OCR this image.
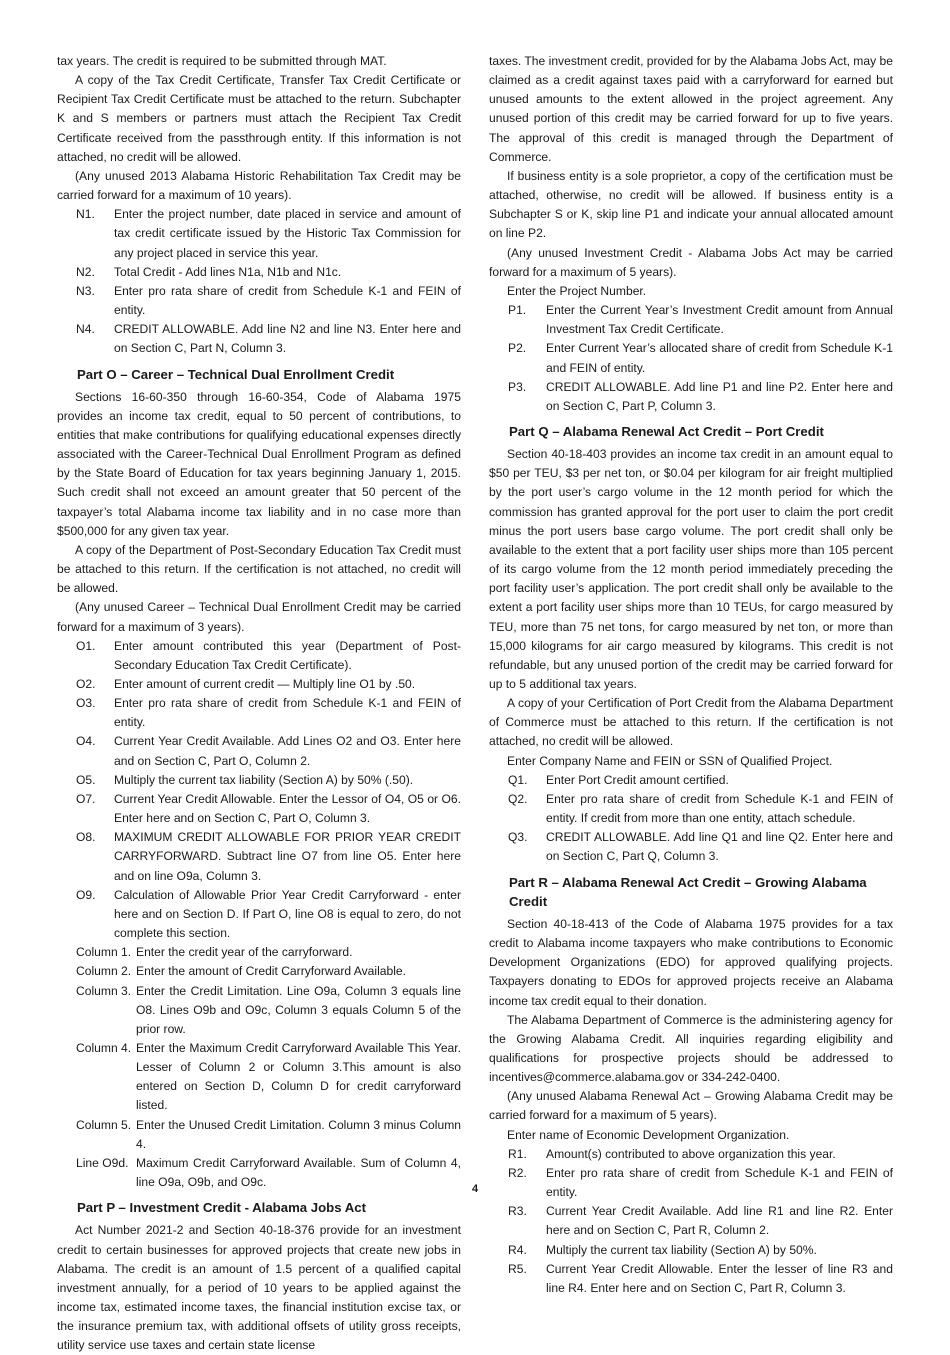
tax years. The credit is required to be submitted through MAT.

A copy of the Tax Credit Certificate, Transfer Tax Credit Certificate or Recipient Tax Credit Certificate must be attached to the return. Subchapter K and S members or partners must attach the Recipient Tax Credit Certificate received from the passthrough entity. If this information is not attached, no credit will be allowed.

(Any unused 2013 Alabama Historic Rehabilitation Tax Credit may be carried forward for a maximum of 10 years).

N1.	Enter the project number, date placed in service and amount of tax credit certificate issued by the Historic Tax Commission for any project placed in service this year.
N2.	Total Credit - Add lines N1a, N1b and N1c.
N3.	Enter pro rata share of credit from Schedule K-1 and FEIN of entity.
N4.	CREDIT ALLOWABLE. Add line N2 and line N3. Enter here and on Section C, Part N, Column 3.
Part O – Career – Technical Dual Enrollment Credit

Sections 16-60-350 through 16-60-354, Code of Alabama 1975 provides an income tax credit, equal to 50 percent of contributions, to entities that make contributions for qualifying educational expenses directly associated with the Career-Technical Dual Enrollment Program as defined by the State Board of Education for tax years beginning January 1, 2015. Such credit shall not exceed an amount greater that 50 percent of the taxpayer’s total Alabama income tax liability and in no case more than $500,000 for any given tax year.

A copy of the Department of Post-Secondary Education Tax Credit must be attached to this return. If the certification is not attached, no credit will be allowed.

(Any unused Career – Technical Dual Enrollment Credit may be carried forward for a maximum of 3 years).

O1.	Enter amount contributed this year (Department of Post-Secondary Education Tax Credit Certificate).
O2.	Enter amount of current credit — Multiply line O1 by .50.
O3.	Enter pro rata share of credit from Schedule K-1 and FEIN of entity.
O4.	Current Year Credit Available. Add Lines O2 and O3. Enter here and on Section C, Part O, Column 2.
O5.	Multiply the current tax liability (Section A) by 50% (.50).
O7.	Current Year Credit Allowable. Enter the Lessor of O4, O5 or O6. Enter here and on Section C, Part O, Column 3.
O8.	MAXIMUM CREDIT ALLOWABLE FOR PRIOR YEAR CREDIT CARRYFORWARD. Subtract line O7 from line O5. Enter here and on line O9a, Column 3.
O9.	Calculation of Allowable Prior Year Credit Carryforward - enter here and on Section D. If Part O, line O8 is equal to zero, do not complete this section.
Column 1. Enter the credit year of the carryforward.
Column 2. Enter the amount of Credit Carryforward Available.
Column 3. Enter the Credit Limitation. Line O9a, Column 3 equals line O8. Lines O9b and O9c, Column 3 equals Column 5 of the prior row.
Column 4. Enter the Maximum Credit Carryforward Available This Year. Lesser of Column 2 or Column 3.This amount is also entered on Section D, Column D for credit carryforward listed.
Column 5. Enter the Unused Credit Limitation. Column 3 minus Column 4.
Line O9d. Maximum Credit Carryforward Available. Sum of Column 4, line O9a, O9b, and O9c.
Part P – Investment Credit - Alabama Jobs Act

Act Number 2021-2 and Section 40-18-376 provide for an investment credit to certain businesses for approved projects that create new jobs in Alabama. The credit is an amount of 1.5 percent of a qualified capital investment annually, for a period of 10 years to be applied against the income tax, estimated income taxes, the financial institution excise tax, or the insurance premium tax, with additional offsets of utility gross receipts, utility service use taxes and certain state license

taxes. The investment credit, provided for by the Alabama Jobs Act, may be claimed as a credit against taxes paid with a carryforward for earned but unused amounts to the extent allowed in the project agreement. Any unused portion of this credit may be carried forward for up to five years. The approval of this credit is managed through the Department of Commerce.

If business entity is a sole proprietor, a copy of the certification must be attached, otherwise, no credit will be allowed. If business entity is a Subchapter S or K, skip line P1 and indicate your annual allocated amount on line P2.

(Any unused Investment Credit - Alabama Jobs Act may be carried forward for a maximum of 5 years).

Enter the Project Number.

P1.	Enter the Current Year’s Investment Credit amount from Annual Investment Tax Credit Certificate.
P2.	Enter Current Year’s allocated share of credit from Schedule K-1 and FEIN of entity.
P3.	CREDIT ALLOWABLE. Add line P1 and line P2. Enter here and on Section C, Part P, Column 3.
Part Q – Alabama Renewal Act Credit – Port Credit

Section 40-18-403 provides an income tax credit in an amount equal to $50 per TEU, $3 per net ton, or $0.04 per kilogram for air freight multiplied by the port user’s cargo volume in the 12 month period for which the commission has granted approval for the port user to claim the port credit minus the port users base cargo volume. The port credit shall only be available to the extent that a port facility user ships more than 105 percent of its cargo volume from the 12 month period immediately preceding the port facility user’s application. The port credit shall only be available to the extent a port facility user ships more than 10 TEUs, for cargo measured by TEU, more than 75 net tons, for cargo measured by net ton, or more than 15,000 kilograms for air cargo measured by kilograms. This credit is not refundable, but any unused portion of the credit may be carried forward for up to 5 additional tax years.

A copy of your Certification of Port Credit from the Alabama Department of Commerce must be attached to this return. If the certification is not attached, no credit will be allowed.

Enter Company Name and FEIN or SSN of Qualified Project.

Q1.	Enter Port Credit amount certified.
Q2.	Enter pro rata share of credit from Schedule K-1 and FEIN of entity. If credit from more than one entity, attach schedule.
Q3.	CREDIT ALLOWABLE. Add line Q1 and line Q2. Enter here and on Section C, Part Q, Column 3.
Part R – Alabama Renewal Act Credit – Growing Alabama Credit

Section 40-18-413 of the Code of Alabama 1975 provides for a tax credit to Alabama income taxpayers who make contributions to Economic Development Organizations (EDO) for approved qualifying projects. Taxpayers donating to EDOs for approved projects receive an Alabama income tax credit equal to their donation.

The Alabama Department of Commerce is the administering agency for the Growing Alabama Credit. All inquiries regarding eligibility and qualifications for prospective projects should be addressed to incentives@commerce.alabama.gov or 334-242-0400.

(Any unused Alabama Renewal Act – Growing Alabama Credit may be carried forward for a maximum of 5 years).

Enter name of Economic Development Organization.

R1.	Amount(s) contributed to above organization this year.
R2.	Enter pro rata share of credit from Schedule K-1 and FEIN of entity.
R3.	Current Year Credit Available. Add line R1 and line R2. Enter here and on Section C, Part R, Column 2.
R4.	Multiply the current tax liability (Section A) by 50%.
R5.	Current Year Credit Allowable. Enter the lesser of line R3 and line R4. Enter here and on Section C, Part R, Column 3.
4
